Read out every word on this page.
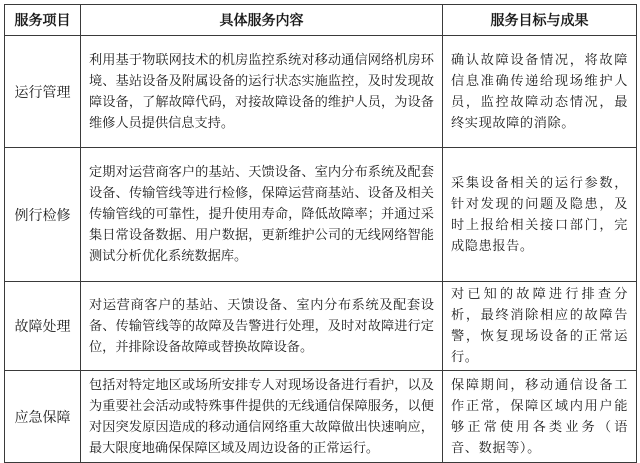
服务项目	具体服务内容	服务目标与成果
运行管理	利用基于物联网技术的机房监控系统对移动通信网络机房环境、基站设备及附属设备的运行状态实施监控，及时发现故障设备，了解故障代码，对接故障设备的维护人员，为设备维修人员提供信息支持。	确认故障设备情况，将故障信息准确传递给现场维护人员，监控故障动态情况，最终实现故障的消除。
例行检修	定期对运营商客户的基站、天馈设备、室内分布系统及配套设备、传输管线等进行检修，保障运营商基站、设备及相关传输管线的可靠性，提升使用寿命，降低故障率；并通过采集日常设备数据、用户数据，更新维护公司的无线网络智能测试分析优化系统数据库。	采集设备相关的运行参数，针对发现的问题及隐患，及时上报给相关接口部门，完成隐患报告。
故障处理	对运营商客户的基站、天馈设备、室内分布系统及配套设备、传输管线等的故障及告警进行处理，及时对故障进行定位，并排除设备故障或替换故障设备。	对已知的故障进行排查分析，最终消除相应的故障告警，恢复现场设备的正常运行。
应急保障	包括对特定地区或场所安排专人对现场设备进行看护，以及为重要社会活动或特殊事件提供的无线通信保障服务，以便对因突发原因造成的移动通信网络重大故障做出快速响应，最大限度地确保保障区域及周边设备的正常运行。	保障期间，移动通信设备工作正常，保障区域内用户能够正常使用各类业务（语音、数据等）。
